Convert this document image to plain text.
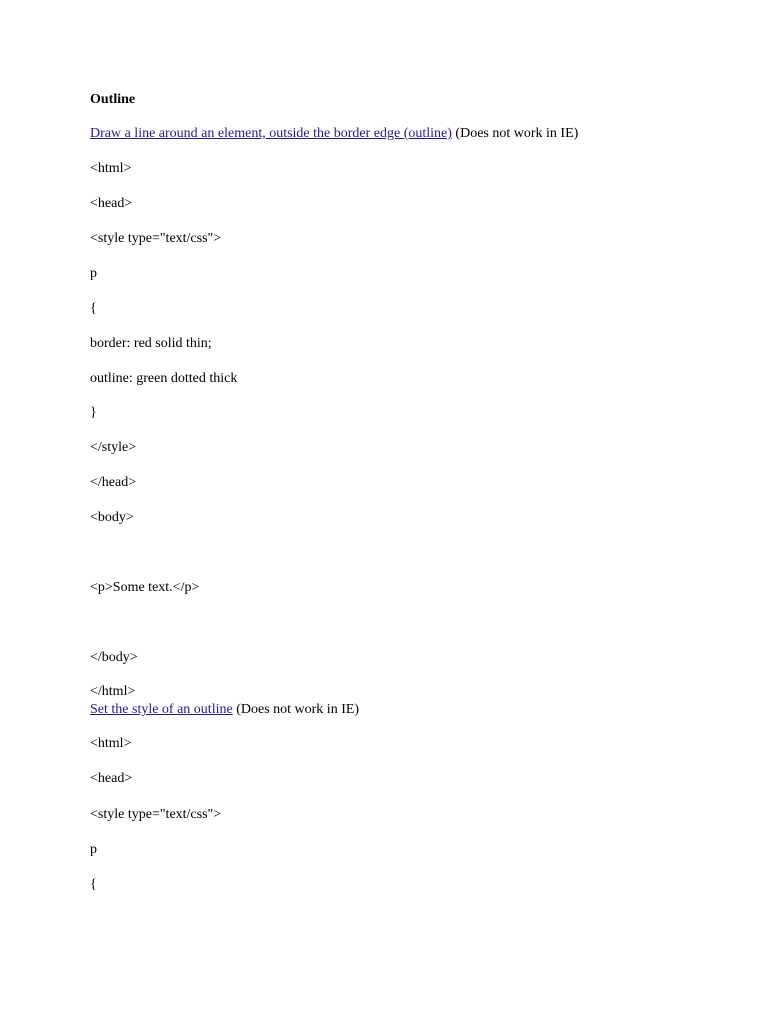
Outline
Draw a line around an element, outside the border edge (outline) (Does not work in IE)
<html>
<head>
<style type="text/css">
p
{
border: red solid thin;
outline: green dotted thick
}
</style>
</head>
<body>
<p>Some text.</p>
</body>
</html>
Set the style of an outline (Does not work in IE)
<html>
<head>
<style type="text/css">
p
{
